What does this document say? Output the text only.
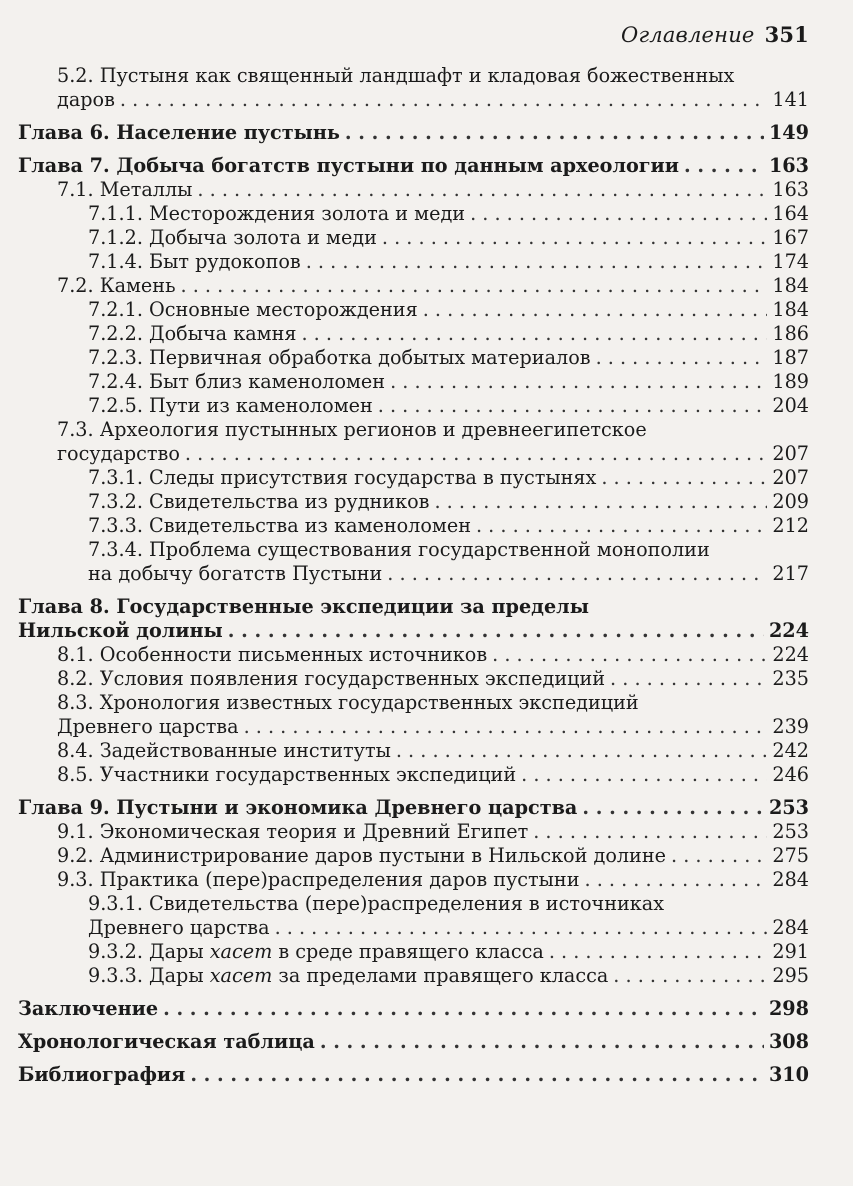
Оглавление 351
5.2. Пустыня как священный ландшафт и кладовая божественных
даров . . .	141
Глава 6. Население пустынь . . .	149
Глава 7. Добыча богатств пустыни по данным археологии . . .	163
7.1. Металлы . . .	163
7.1.1. Месторождения золота и меди . . .	164
7.1.2. Добыча золота и меди . . .	167
7.1.4. Быт рудокопов . . .	174
7.2. Камень . . .	184
7.2.1. Основные месторождения . . .	184
7.2.2. Добыча камня . . .	186
7.2.3. Первичная обработка добытых материалов . . .	187
7.2.4. Быт близ каменоломен . . .	189
7.2.5. Пути из каменоломен . . .	204
7.3. Археология пустынных регионов и древнеегипетское
государство . . .	207
7.3.1. Следы присутствия государства в пустынях . . .	207
7.3.2. Свидетельства из рудников . . .	209
7.3.3. Свидетельства из каменоломен . . .	212
7.3.4. Проблема существования государственной монополии
на добычу богатств Пустыни . . .	217
Глава 8. Государственные экспедиции за пределы
Нильской долины . . .	224
8.1. Особенности письменных источников . . .	224
8.2. Условия появления государственных экспедиций . . .	235
8.3. Хронология известных государственных экспедиций
Древнего царства . . .	239
8.4. Задействованные институты . . .	242
8.5. Участники государственных экспедиций . . .	246
Глава 9. Пустыни и экономика Древнего царства . . .	253
9.1. Экономическая теория и Древний Египет . . .	253
9.2. Администрирование даров пустыни в Нильской долине . . .	275
9.3. Практика (пере)распределения даров пустыни . . .	284
9.3.1. Свидетельства (пере)распределения в источниках
Древнего царства . . .	284
9.3.2. Дары хасет в среде правящего класса . . .	291
9.3.3. Дары хасет за пределами правящего класса . . .	295
Заключение . . .	298
Хронологическая таблица . . .	308
Библиография . . .	310
